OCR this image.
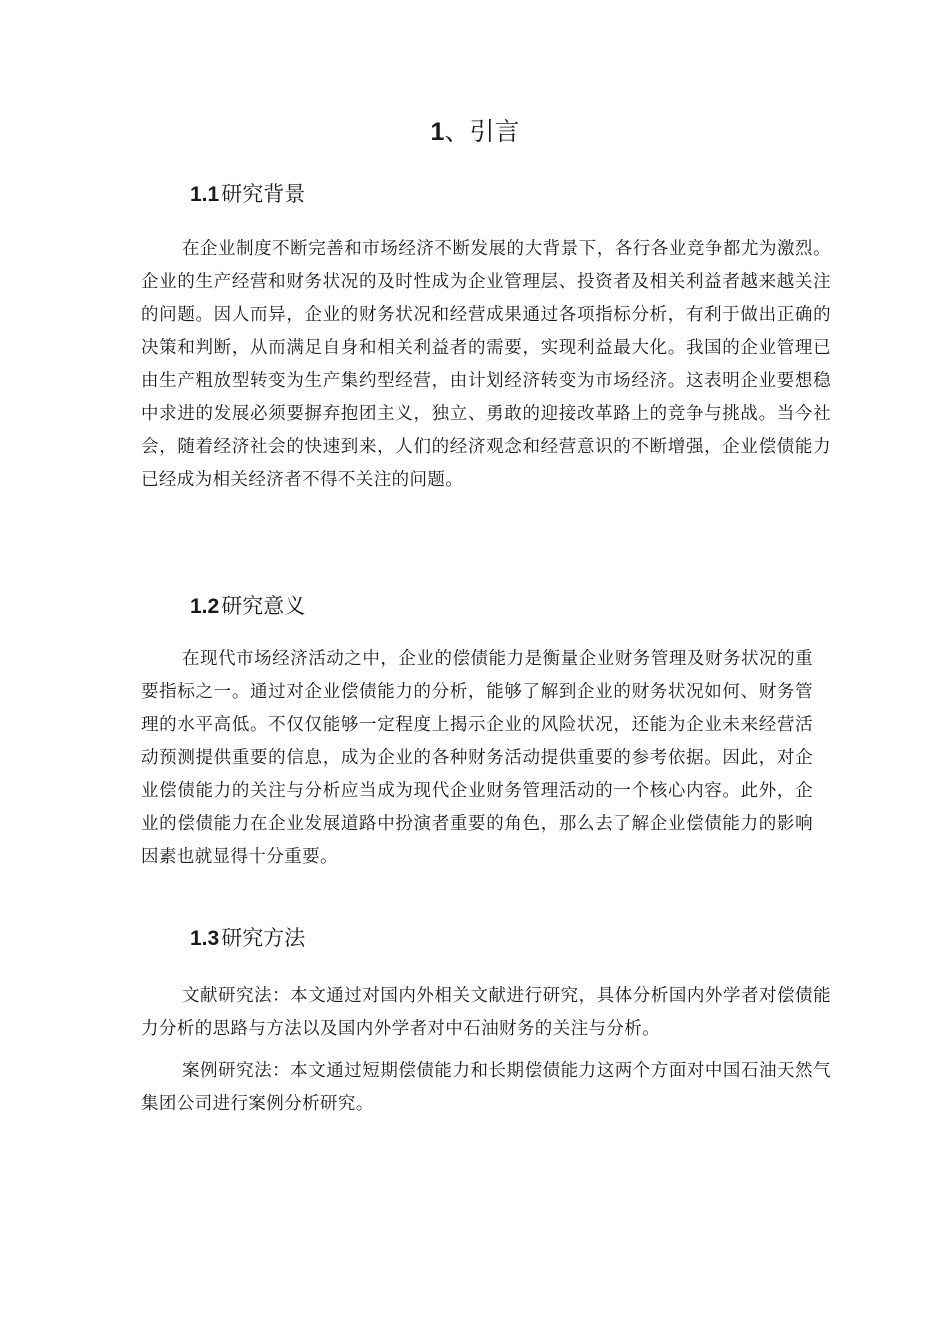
1、引言
1.1研究背景

在企业制度不断完善和市场经济不断发展的大背景下，各行各业竞争都尤为激烈。企业的生产经营和财务状况的及时性成为企业管理层、投资者及相关利益者越来越关注的问题。因人而异，企业的财务状况和经营成果通过各项指标分析，有利于做出正确的决策和判断，从而满足自身和相关利益者的需要，实现利益最大化。我国的企业管理已由生产粗放型转变为生产集约型经营，由计划经济转变为市场经济。这表明企业要想稳中求进的发展必须要摒弃抱团主义，独立、勇敢的迎接改革路上的竞争与挑战。当今社会，随着经济社会的快速到来，人们的经济观念和经营意识的不断增强，企业偿债能力已经成为相关经济者不得不关注的问题。

1.2研究意义

在现代市场经济活动之中，企业的偿债能力是衡量企业财务管理及财务状况的重要指标之一。通过对企业偿债能力的分析，能够了解到企业的财务状况如何、财务管理的水平高低。不仅仅能够一定程度上揭示企业的风险状况，还能为企业未来经营活动预测提供重要的信息，成为企业的各种财务活动提供重要的参考依据。因此，对企业偿债能力的关注与分析应当成为现代企业财务管理活动的一个核心内容。此外，企业的偿债能力在企业发展道路中扮演者重要的角色，那么去了解企业偿债能力的影响因素也就显得十分重要。

1.3研究方法

文献研究法：本文通过对国内外相关文献进行研究，具体分析国内外学者对偿债能力分析的思路与方法以及国内外学者对中石油财务的关注与分析。

案例研究法：本文通过短期偿债能力和长期偿债能力这两个方面对中国石油天然气集团公司进行案例分析研究。
